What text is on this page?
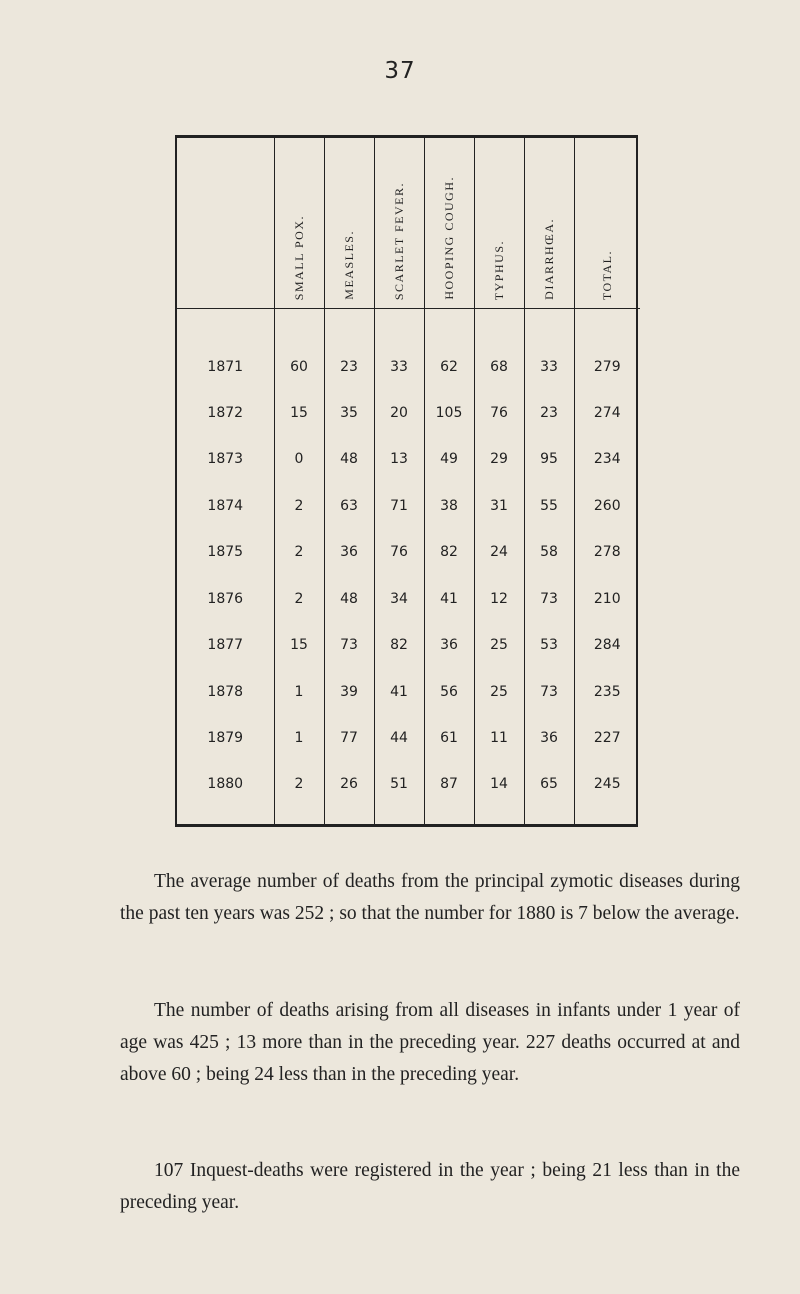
37

	SMALL POX.	MEASLES.	SCARLET FEVER.	HOOPING COUGH.	TYPHUS.	DIARRHŒA.	TOTAL.

1871	60	23	33	62	68	33	279
1872	15	35	20	105	76	23	274
1873	0	48	13	49	29	95	234
1874	2	63	71	38	31	55	260
1875	2	36	76	82	24	58	278
1876	2	48	34	41	12	73	210
1877	15	73	82	36	25	53	284
1878	1	39	41	56	25	73	235
1879	1	77	44	61	11	36	227
1880	2	26	51	87	14	65	245

The average number of deaths from the principal zymotic diseases during the past ten years was 252 ; so that the number for 1880 is 7 below the average.

The number of deaths arising from all diseases in infants under 1 year of age was 425 ; 13 more than in the preceding year. 227 deaths occurred at and above 60 ; being 24 less than in the preceding year.

107 Inquest-deaths were registered in the year ; being 21 less than in the preceding year.
